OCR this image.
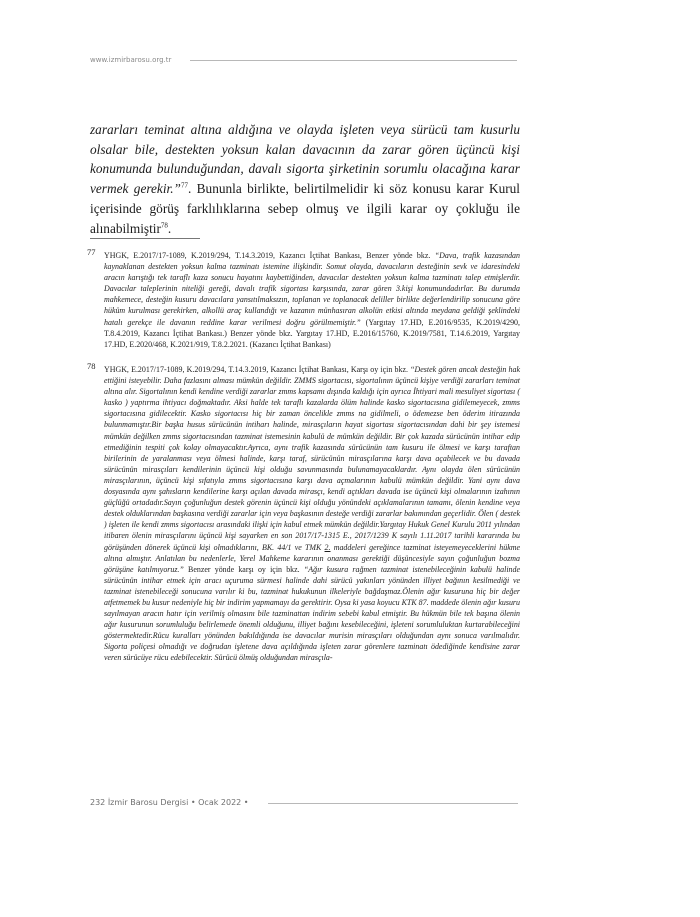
www.izmirbarosu.org.tr
zararları teminat altına aldığına ve olayda işleten veya sürücü tam kusurlu olsalar bile, destekten yoksun kalan davacının da zarar gören üçüncü kişi konumunda bulunduğundan, davalı sigorta şirketinin sorumlu olacağına karar vermek gerekir.”$^{77}$. Bununla birlikte, belirtilmelidir ki söz konusu karar Kurul içerisinde görüş farklılıklarına sebep olmuş ve ilgili karar oy çokluğu ile alınabilmiştir$^{78}$.
77	YHGK, E.2017/17-1089, K.2019/294, T.14.3.2019, Kazancı İçtihat Bankası, Benzer yönde bkz. “Dava, trafik kazasından kaynaklanan destekten yoksun kalma tazminatı istemine ilişkindir. Somut olayda, davacıların desteğinin sevk ve idaresindeki aracın karıştığı tek taraflı kaza sonucu hayatını kaybettiğinden, davacılar destekten yoksun kalma tazminatı talep etmişlerdir. Davacılar taleplerinin niteliği gereği, davalı trafik sigortası karşısında, zarar gören 3.kişi konumundadırlar. Bu durumda mahkemece, desteğin kusuru davacılara yansıtılmaksızın, toplanan ve toplanacak deliller birlikte değerlendirilip sonucuna göre hüküm kurulması gerekirken, alkollü araç kullandığı ve kazanın münhasıran alkolün etkisi altında meydana geldiği şeklindeki hatalı gerekçe ile davanın reddine karar verilmesi doğru görülmemiştir.” (Yargıtay 17.HD, E.2016/9535, K.2019/4290, T.8.4.2019, Kazancı İçtihat Bankası.) Benzer yönde bkz. Yargıtay 17.HD, E.2016/15760, K.2019/7581, T.14.6.2019, Yargıtay 17.HD, E.2020/468, K.2021/919, T.8.2.2021. (Kazancı İçtihat Bankası)
78	YHGK, E.2017/17-1089, K.2019/294, T.14.3.2019, Kazancı İçtihat Bankası, Karşı oy için bkz. “Destek gören ancak desteğin hak ettiğini isteyebilir. Daha fazlasını alması mümkün değildir. ZMMS sigortacısı, sigortalının üçüncü kişiye verdiği zararları teminat altına alır. Sigortalının kendi kendine verdiği zararlar zmms kapsamı dışında kaldığı için ayrıca İhtiyari mali mesuliyet sigortası ( kasko ) yaptırma ihtiyacı doğmaktadır. Aksi halde tek taraflı kazalarda ölüm halinde kasko sigortacısına gidilemeyecek, zmms sigortacısına gidilecektir. Kasko sigortacısı hiç bir zaman öncelikle zmms na gidilmeli, o ödemezse ben öderim itirazında bulunmamıştır.Bir başka husus sürücünün intiharı halinde, mirasçıların hayat sigortası sigortacısından dahi bir şey istemesi mümkün değilken zmms sigortacısından tazminat istemesinin kabulü de mümkün değildir. Bir çok kazada sürücünün intihar edip etmediğinin tespiti çok kolay olmayacaktır.Ayrıca, aynı trafik kazasında sürücünün tam kusuru ile ölmesi ve karşı taraftan birilerinin de yaralanması veya ölmesi halinde, karşı taraf, sürücünün mirasçılarına karşı dava açabilecek ve bu davada sürücünün mirasçıları kendilerinin üçüncü kişi olduğu savunmasında bulunamayacaklardır. Aynı olayda ölen sürücünün mirasçılarının, üçüncü kişi sıfatıyla zmms sigortacısına karşı dava açmalarının kabulü mümkün değildir. Yani aynı dava dosyasında aynı şahısların kendilerine karşı açılan davada mirasçı, kendi açtıkları davada ise üçüncü kişi olmalarının izahının güçlüğü ortadadır.Sayın çoğunluğun destek görenin üçüncü kişi olduğu yönündeki açıklamalarının tamamı, ölenin kendine veya destek olduklarından başkasına verdiği zararlar için veya başkasının desteğe verdiği zararlar bakımından geçerlidir. Ölen ( destek ) işleten ile kendi zmms sigortacısı arasındaki ilişki için kabul etmek mümkün değildir.Yargıtay Hukuk Genel Kurulu 2011 yılından itibaren ölenin mirasçılarını üçüncü kişi sayarken en son 2017/17-1315 E., 2017/1239 K sayılı 1.11.2017 tarihli kararında bu görüşünden dönerek üçüncü kişi olmadıklarını, BK. 44/1 ve TMK 2. maddeleri gereğince tazminat isteyemeyeceklerini hükme altına almıştır. Anlatılan bu nedenlerle, Yerel Mahkeme kararının onanması gerektiği düşüncesiyle sayın çoğunluğun bozma görüşüne katılmıyoruz.” Benzer yönde karşı oy için bkz. “Ağır kusura rağmen tazminat istenebileceğinin kabulü halinde sürücünün intihar etmek için aracı uçuruma sürmesi halinde dahi sürücü yakınları yönünden illiyet bağının kesilmediği ve tazminat istenebileceği sonucuna varılır ki bu, tazminat hukukunun ilkeleriyle bağdaşmaz.Ölenin ağır kusuruna hiç bir değer atfetmemek bu kusur nedeniyle hiç bir indirim yapmamayı da gerektirir. Oysa ki yasa koyucu KTK 87. maddede ölenin ağır kusuru sayılmayan aracın hatır için verilmiş olmasını bile tazminattan indirim sebebi kabul etmiştir. Bu hükmün bile tek başına ölenin ağır kusurunun sorumluluğu belirlemede önemli olduğunu, illiyet bağını kesebileceğini, işleteni sorumluluktan kurtarabileceğini göstermektedir.Rücu kuralları yönünden bakıldığında ise davacılar murisin mirasçıları olduğundan aynı sonuca varılmalıdır. Sigorta poliçesi olmadığı ve doğrudan işletene dava açıldığında işleten zarar görenlere tazminatı ödediğinde kendisine zarar veren sürücüye rücu edebilecektir. Sürücü ölmüş olduğundan mirasçıla-
232 İzmir Barosu Dergisi • Ocak 2022 •
